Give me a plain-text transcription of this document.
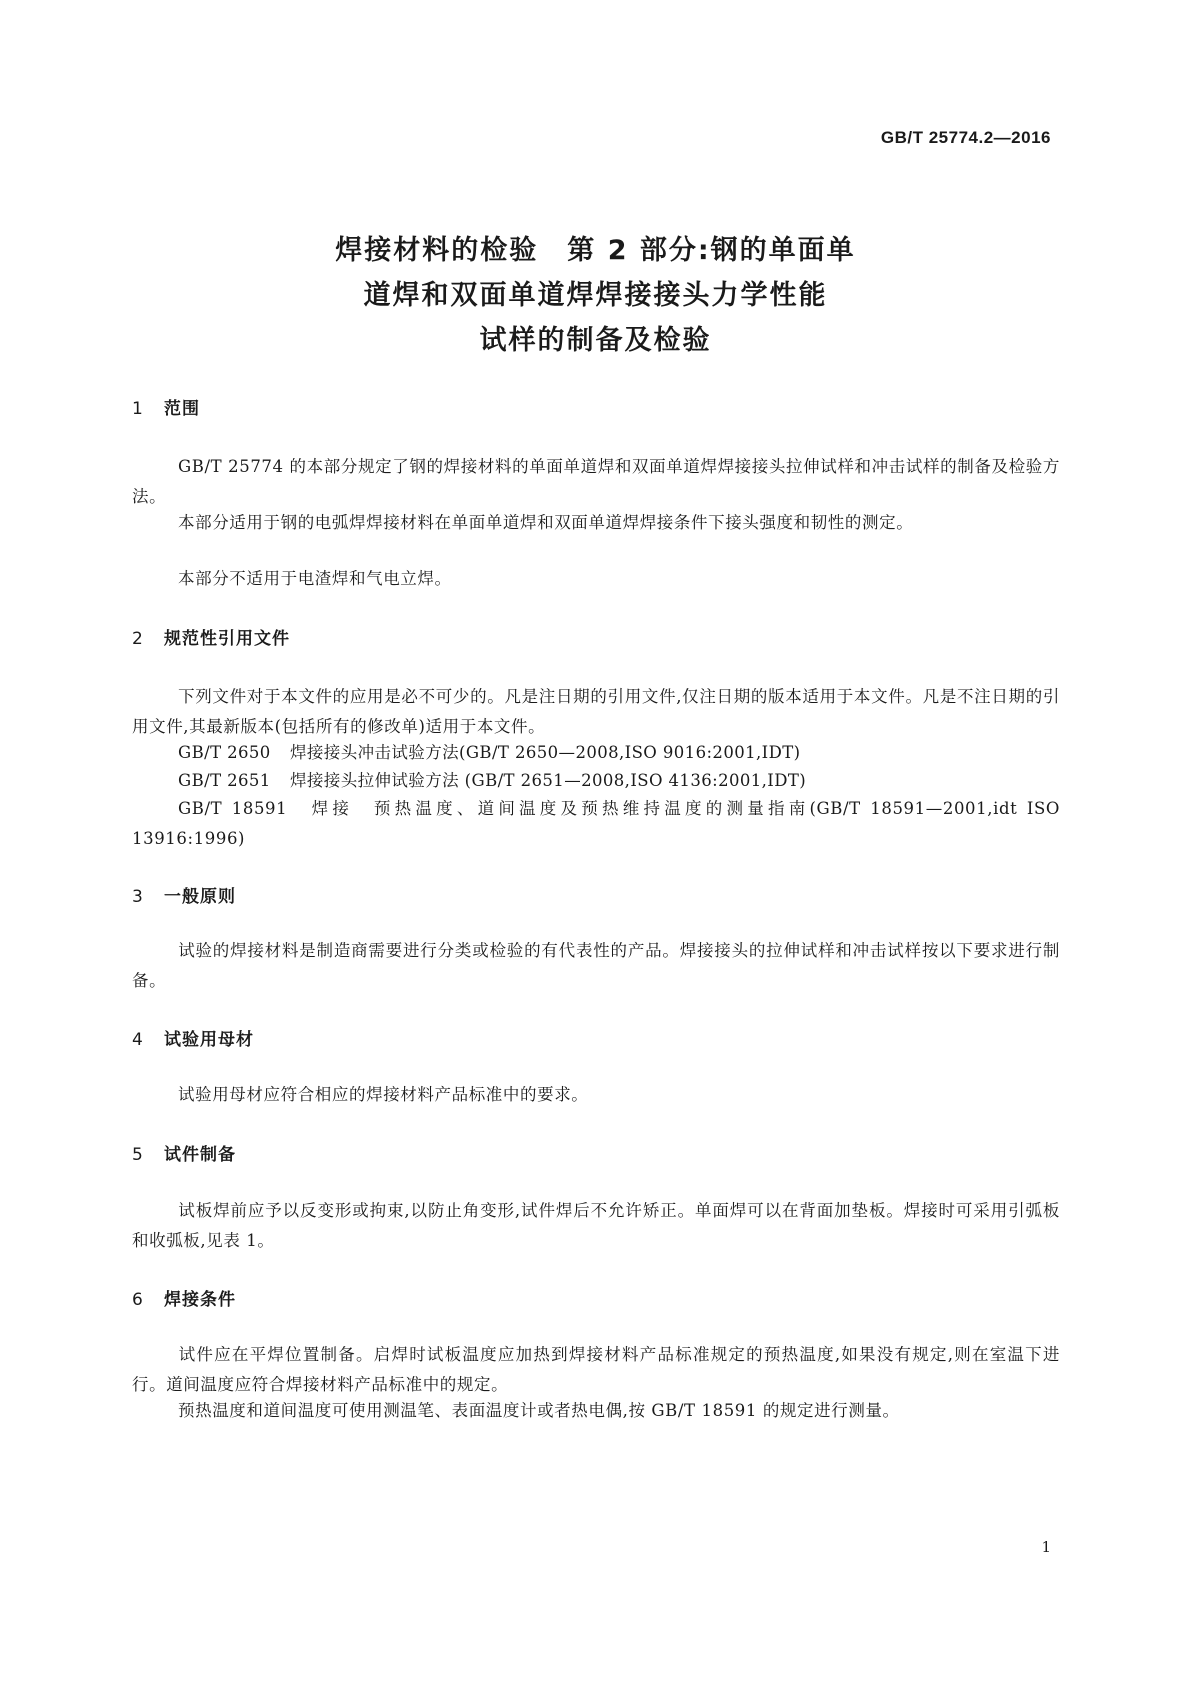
GB/T 25774.2—2016
焊接材料的检验　第 2 部分:钢的单面单
道焊和双面单道焊焊接接头力学性能
试样的制备及检验
1 范围
GB/T 25774 的本部分规定了钢的焊接材料的单面单道焊和双面单道焊焊接接头拉伸试样和冲击试样的制备及检验方法。
本部分适用于钢的电弧焊焊接材料在单面单道焊和双面单道焊焊接条件下接头强度和韧性的测定。
本部分不适用于电渣焊和气电立焊。
2 规范性引用文件
下列文件对于本文件的应用是必不可少的。凡是注日期的引用文件,仅注日期的版本适用于本文件。凡是不注日期的引用文件,其最新版本(包括所有的修改单)适用于本文件。
GB/T 2650 焊接接头冲击试验方法(GB/T 2650—2008,ISO 9016:2001,IDT)
GB/T 2651 焊接接头拉伸试验方法 (GB/T 2651—2008,ISO 4136:2001,IDT)
GB/T 18591　焊接　预热温度、道间温度及预热维持温度的测量指南(GB/T 18591—2001,idt ISO 13916:1996)
3 一般原则
试验的焊接材料是制造商需要进行分类或检验的有代表性的产品。焊接接头的拉伸试样和冲击试样按以下要求进行制备。
4 试验用母材
试验用母材应符合相应的焊接材料产品标准中的要求。
5 试件制备
试板焊前应予以反变形或拘束,以防止角变形,试件焊后不允许矫正。单面焊可以在背面加垫板。焊接时可采用引弧板和收弧板,见表 1。
6 焊接条件
试件应在平焊位置制备。启焊时试板温度应加热到焊接材料产品标准规定的预热温度,如果没有规定,则在室温下进行。道间温度应符合焊接材料产品标准中的规定。
预热温度和道间温度可使用测温笔、表面温度计或者热电偶,按 GB/T 18591 的规定进行测量。
1
